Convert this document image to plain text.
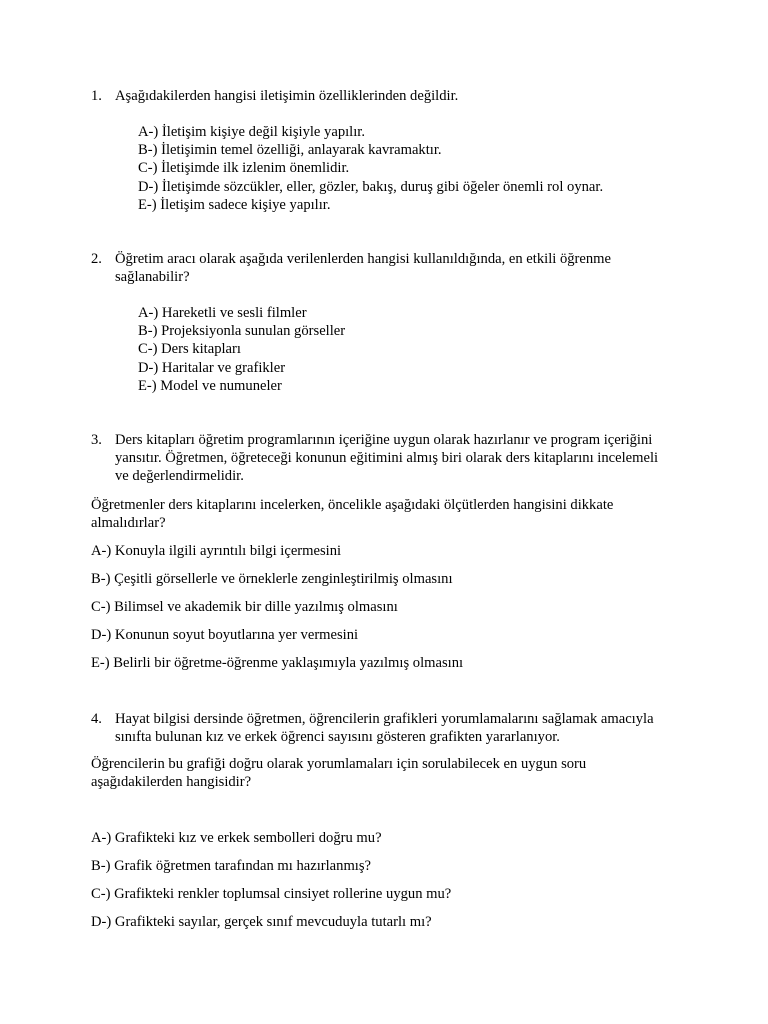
1. Aşağıdakilerden hangisi iletişimin özelliklerinden değildir.
A-) İletişim kişiye değil kişiyle yapılır.
B-) İletişimin temel özelliği, anlayarak kavramaktır.
C-) İletişimde ilk izlenim önemlidir.
D-) İletişimde sözcükler, eller, gözler, bakış, duruş gibi öğeler önemli rol oynar.
E-) İletişim sadece kişiye yapılır.
2. Öğretim aracı olarak aşağıda verilenlerden hangisi kullanıldığında, en etkili öğrenme sağlanabilir?
A-) Hareketli ve sesli filmler
B-) Projeksiyonla sunulan görseller
C-) Ders kitapları
D-) Haritalar ve grafikler
E-) Model ve numuneler
3. Ders kitapları öğretim programlarının içeriğine uygun olarak hazırlanır ve program içeriğini yansıtır. Öğretmen, öğreteceği konunun eğitimini almış biri olarak ders kitaplarını incelemeli ve değerlendirmelidir.
Öğretmenler ders kitaplarını incelerken, öncelikle aşağıdaki ölçütlerden hangisini dikkate almalıdırlar?
A-) Konuyla ilgili ayrıntılı bilgi içermesini
B-) Çeşitli görsellerle ve örneklerle zenginleştirilmiş olmasını
C-) Bilimsel ve akademik bir dille yazılmış olmasını
D-) Konunun soyut boyutlarına yer vermesini
E-) Belirli bir öğretme-öğrenme yaklaşımıyla yazılmış olmasını
4. Hayat bilgisi dersinde öğretmen, öğrencilerin grafikleri yorumlamalarını sağlamak amacıyla sınıfta bulunan kız ve erkek öğrenci sayısını gösteren grafikten yararlanıyor.
Öğrencilerin bu grafiği doğru olarak yorumlamaları için sorulabilecek en uygun soru aşağıdakilerden hangisidir?
A-) Grafikteki kız ve erkek sembolleri doğru mu?
B-) Grafik öğretmen tarafından mı hazırlanmış?
C-) Grafikteki renkler toplumsal cinsiyet rollerine uygun mu?
D-) Grafikteki sayılar, gerçek sınıf mevcuduyla tutarlı mı?
